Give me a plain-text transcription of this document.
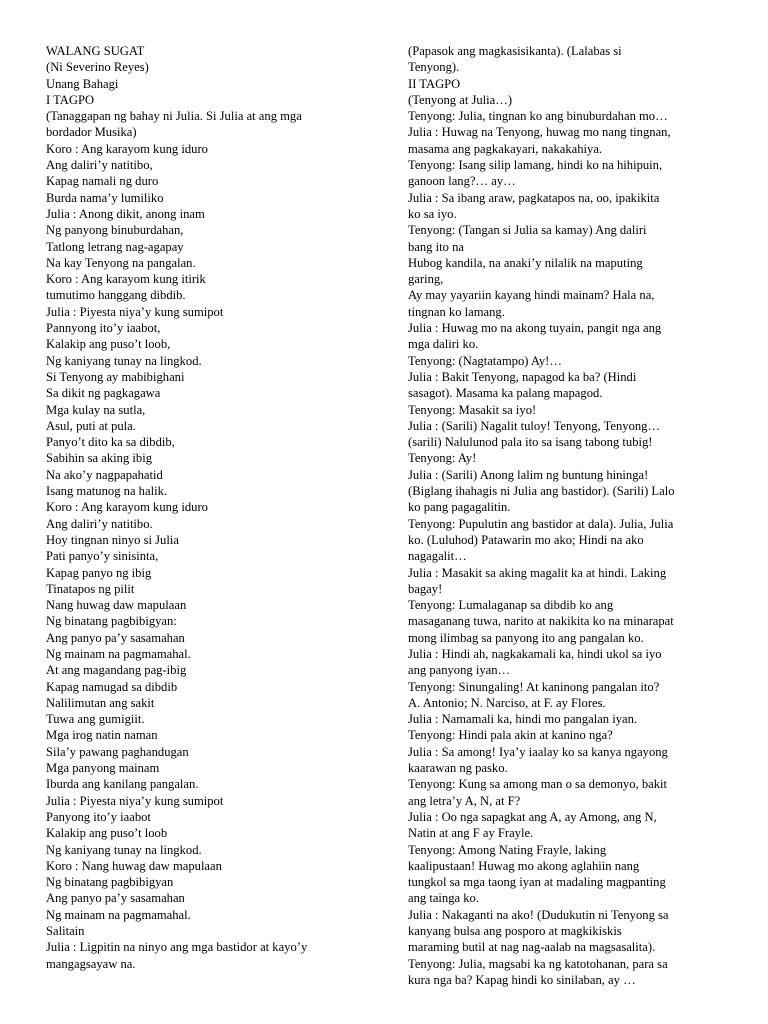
WALANG SUGAT
(Ni Severino Reyes)
Unang Bahagi
I TAGPO
(Tanaggapan ng bahay ni Julia. Si Julia at ang mga
bordador Musika)
Koro : Ang karayom kung iduro
Ang dalirі’y natitibo,
Kapag namali ng duro
Burda nama’y lumiliko
Julia : Anong dikit, anong inam
Ng panyong binuburdahan,
Tatlong letrang nag-agapay
Na kay Tenyong na pangalan.
Koro : Ang karayom kung itirik
tumutimo hanggang dibdib.
Julia : Piyesta niya’y kung sumipot
Pannyong ito’y iaabot,
Kalakip ang puso’t loob,
Ng kaniyang tunay na lingkod.
Si Tenyong ay mabibighani
Sa dikit ng pagkagawa
Mga kulay na sutla,
Asul, puti at pula.
Panyo’t dito ka sa dibdib,
Sabihin sa aking ibig
Na ako’y nagpapahatid
Isang matunog na halik.
Koro : Ang karayom kung iduro
Ang dalirі’y natitibo.
Hoy tingnan ninyo si Julia
Pati panyo’y sinisinta,
Kapag panyo ng ibig
Tinatapos ng pilit
Nang huwag daw mapulaan
Ng binatang pagbibigyan:
Ang panyo pa’y sasamahan
Ng mainam na pagmamahal.
At ang magandang pag-ibig
Kapag namugad sa dibdib
Nalilimutan ang sakit
Tuwa ang gumigiit.
Mga irog natin naman
Sila’y pawang paghandugan
Mga panyong mainam
Iburda ang kanilang pangalan.
Julia : Piyesta niya’y kung sumipot
Panyong ito’y iaabot
Kalakip ang puso’t loob
Ng kaniyang tunay na lingkod.
Koro : Nang huwag daw mapulaan
Ng binatang pagbibigyan
Ang panyo pa’y sasamahan
Ng mainam na pagmamahal.
Salitain
Julia : Ligpitin na ninyo ang mga bastidor at kayo’y
mangagsayaw na.
(Papasok ang magkasisikanta). (Lalabas si
Tenyong).
II TAGPO
(Tenyong at Julia…)
Tenyong: Julia, tingnan ko ang binuburdahan mo…
Julia : Huwag na Tenyong, huwag mo nang tingnan,
masama ang pagkakayari, nakakahiya.
Tenyong: Isang silip lamang, hindi ko na hihipuin,
ganoon lang?… ay…
Julia : Sa ibang araw, pagkatapos na, oo, ipakikita
ko sa iyo.
Tenyong: (Tangan si Julia sa kamay) Ang daliri
bang ito na
Hubog kandila, na anaki’y nilalik na maputing
garing,
Ay may yayariin kayang hindi mainam? Hala na,
tingnan ko lamang.
Julia : Huwag mo na akong tuyain, pangit nga ang
mga daliri ko.
Tenyong: (Nagtatampo) Ay!…
Julia : Bakit Tenyong, napagod ka ba? (Hindi
sasagot). Masama ka palang mapagod.
Tenyong: Masakit sa iyo!
Julia : (Sarili) Nagalit tuloy! Tenyong, Tenyong…
(sarili) Nalulunod pala ito sa isang tabong tubig!
Tenyong: Ay!
Julia : (Sarili) Anong lalim ng buntung hininga!
(Biglang ihahagis ni Julia ang bastidor). (Sarili) Lalo
ko pang pagagalitin.
Tenyong: Pupulutin ang bastidor at dala). Julia, Julia
ko. (Luluhod) Patawarin mo ako; Hindi na ako
nagagalit…
Julia : Masakit sa aking magalit ka at hindi. Laking
bagay!
Tenyong: Lumalaganap sa dibdib ko ang
masaganang tuwa, narito at nakikita ko na minarapat
mong ilimbag sa panyong ito ang pangalan ko.
Julia : Hindi ah, nagkakamali ka, hindi ukol sa iyo
ang panyong iyan…
Tenyong: Sinungaling! At kaninong pangalan ito?
A. Antonio; N. Narciso, at F. ay Flores.
Julia : Namamali ka, hindi mo pangalan iyan.
Tenyong: Hindi pala akin at kanino nga?
Julia : Sa among! Iya’y iaalay ko sa kanya ngayong
kaarawan ng pasko.
Tenyong: Kung sa among man o sa demonyo, bakit
ang letra’y A, N, at F?
Julia : Oo nga sapagkat ang A, ay Among, ang N,
Natin at ang F ay Frayle.
Tenyong: Among Nating Frayle, laking
kaalipustaan! Huwag mo akong aglahiin nang
tungkol sa mga taong iyan at madaling magpanting
ang tainga ko.
Julia : Nakaganti na ako! (Dudukutin ni Tenyong sa
kanyang bulsa ang posporo at magkikiskis
maraming butil at nag nag-aalab na magsasalita).
Tenyong: Julia, magsabi ka ng katotohanan, para sa
kura nga ba? Kapag hindi ko sinilaban, ay …
